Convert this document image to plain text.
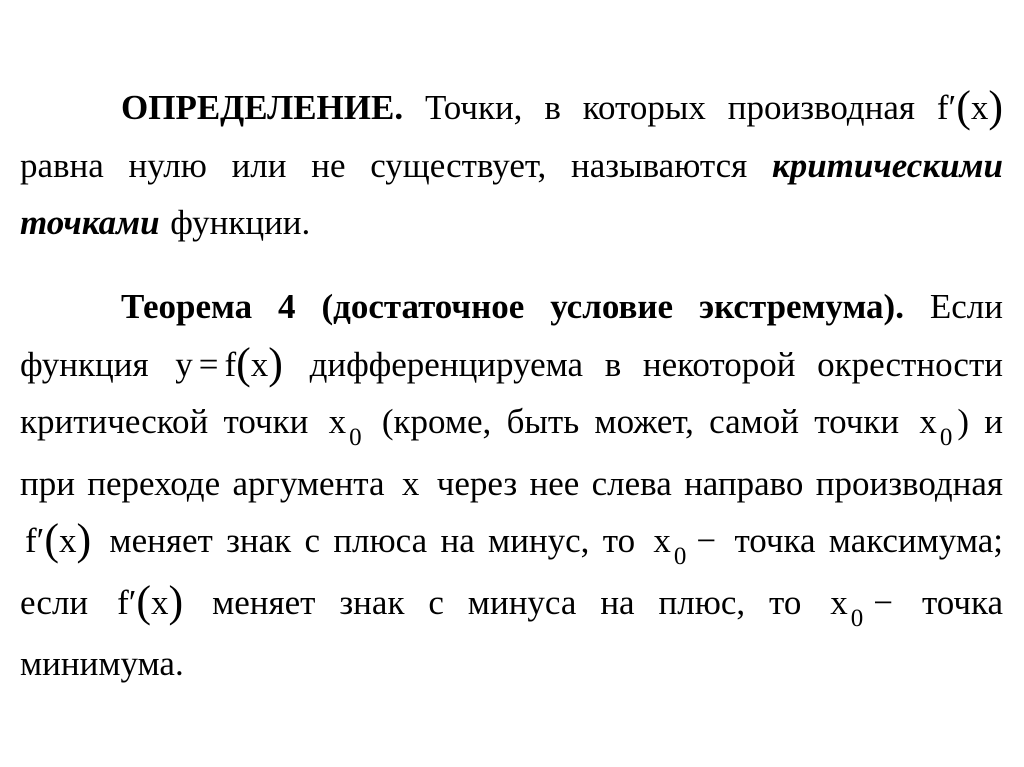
ОПРЕДЕЛЕНИЕ. Точки, в которых производная f′(x) равна нулю или не существует, называются критическими точками функции.
Теорема 4 (достаточное условие экстремума). Если функция y = f(x) дифференцируема в некоторой окрестности критической точки x $_0$ (кроме, быть может, самой точки x $_0$ ) и при переходе аргумента x через нее слева направо производная f′(x) меняет знак с плюса на минус, то x $_0$ − точка максимума; если f′(x) меняет знак с минуса на плюс, то x $_0$ − точка минимума.
